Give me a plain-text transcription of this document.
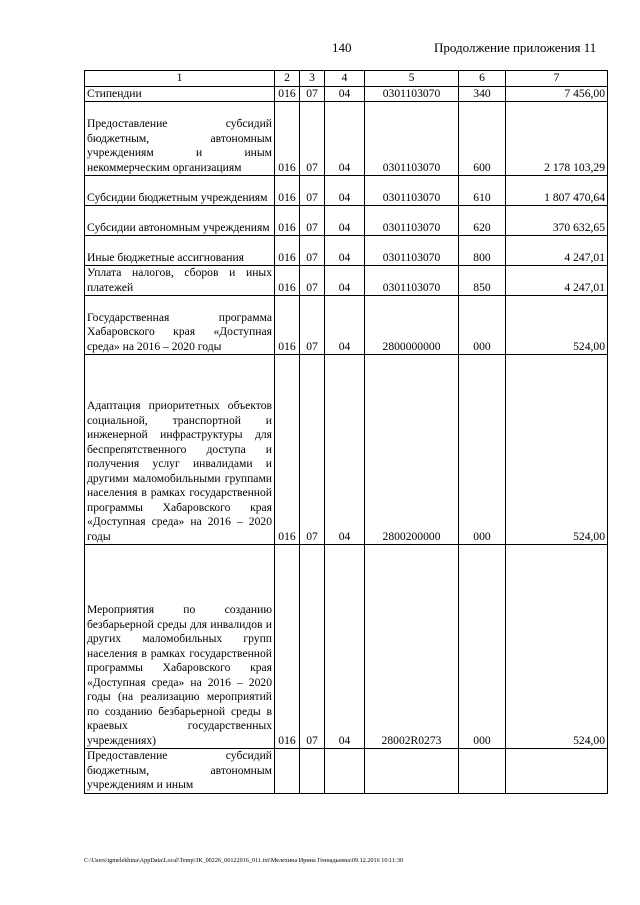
140	Продолжение приложения 11
1	2	3	4	5	6	7
Стипендии	016	07	04	0301103070	340	7 456,00
Предоставление субсидий бюджетным, автономным учреждениям и иным некоммерческим организациям	016	07	04	0301103070	600	2 178 103,29
Субсидии бюджетным учреждениям	016	07	04	0301103070	610	1 807 470,64
Субсидии автономным учреждениям	016	07	04	0301103070	620	370 632,65
Иные бюджетные ассигнования	016	07	04	0301103070	800	4 247,01
Уплата налогов, сборов и иных платежей	016	07	04	0301103070	850	4 247,01
Государственная программа Хабаровского края «Доступная среда» на 2016 – 2020 годы	016	07	04	2800000000	000	524,00
Адаптация приоритетных объектов социальной, транспортной и инженерной инфраструктуры для беспрепятственного доступа и получения услуг инвалидами и другими маломобильными группами населения в рамках государственной программы Хабаровского края «Доступная среда» на 2016 – 2020 годы	016	07	04	2800200000	000	524,00
Мероприятия по созданию безбарьерной среды для инвалидов и других маломобильных групп населения в рамках государственной программы Хабаровского края «Доступная среда» на 2016 – 2020 годы (на реализацию мероприятий по созданию безбарьерной среды в краевых государственных учреждениях)	016	07	04	28002R0273	000	524,00
Предоставление субсидий бюджетным, автономным учреждениям и иным						
C:\Users\igmelekhina\AppData\Local\Temp\ЗК_00226_06122016_011.txt\Мелехина Ирина Геннадьевна\09.12.2016 10:11:30
